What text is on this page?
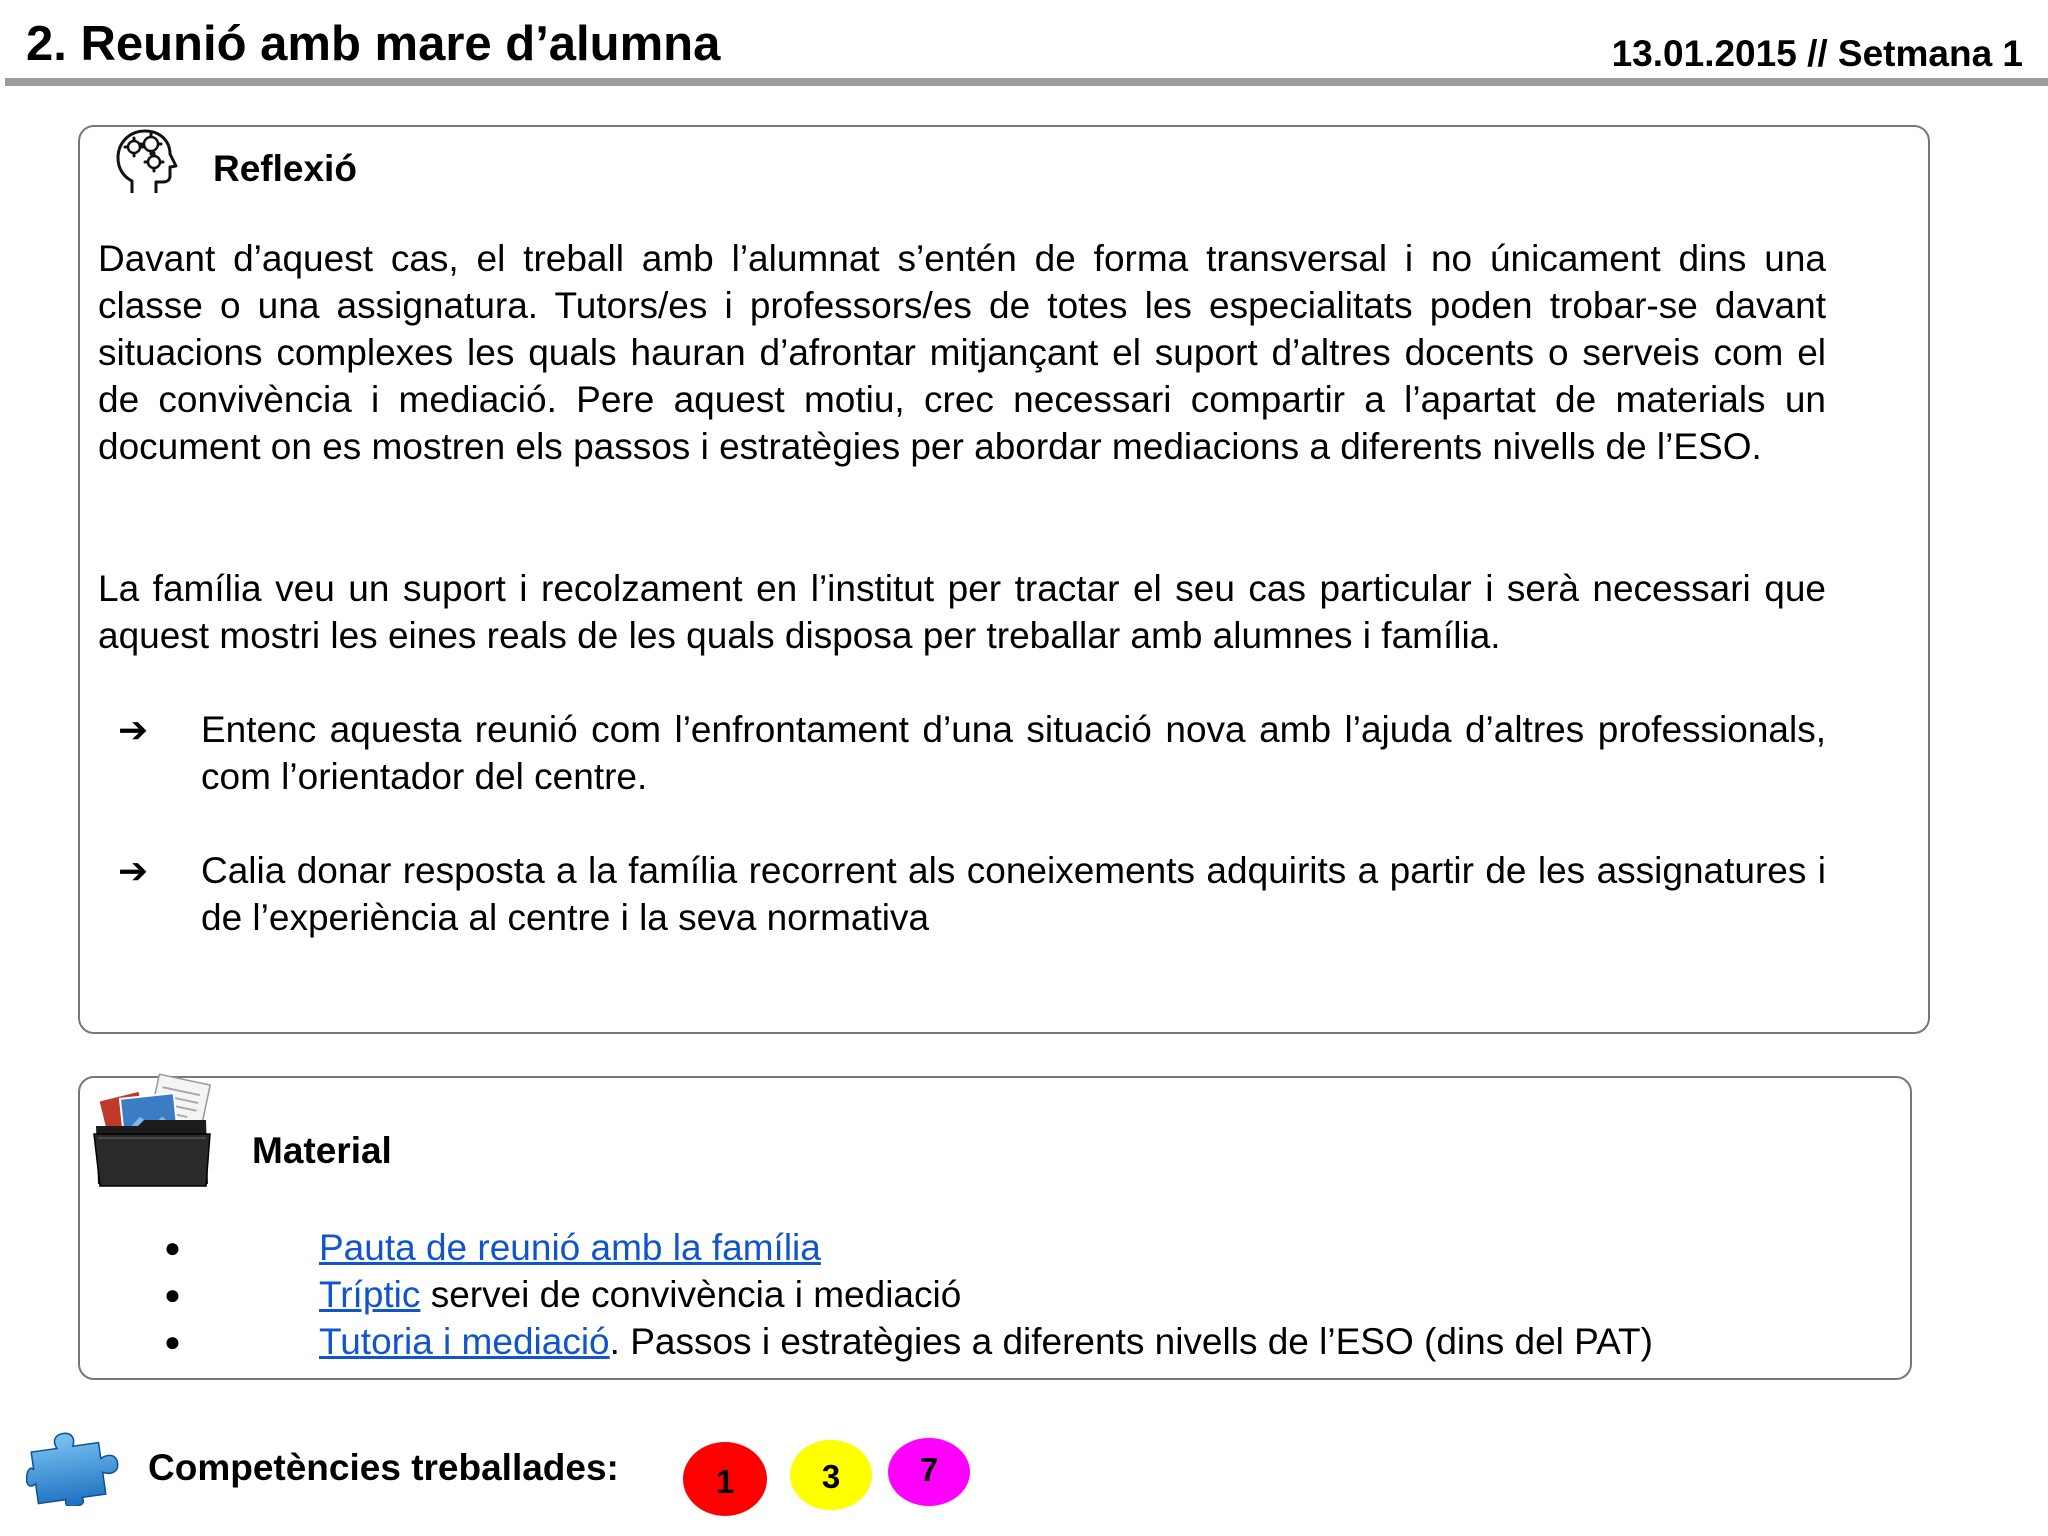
2. Reunió amb mare d’alumna	13.01.2015 // Setmana 1
Reflexió

Davant d’aquest cas, el treball amb l’alumnat s’entén de forma transversal i no únicament dins una classe o una assignatura. Tutors/es i professors/es de totes les especialitats poden trobar-se davant situacions complexes les quals hauran d’afrontar mitjançant el suport d’altres docents o serveis com el de convivència i mediació. Pere aquest motiu, crec necessari compartir a l’apartat de materials un document on es mostren els passos i estratègies per abordar mediacions a diferents nivells de l’ESO.

La família veu un suport i recolzament en l’institut per tractar el seu cas particular i serà necessari que aquest mostri les eines reals de les quals disposa per treballar amb alumnes i família.

➔	Entenc aquesta reunió com l’enfrontament d’una situació nova amb l’ajuda d’altres professionals, com l’orientador del centre.

➔	Calia donar resposta a la família recorrent als coneixements adquirits a partir de les assignatures i de l’experiència al centre i la seva normativa

Material
●	Pauta de reunió amb la família
●	Tríptic servei de convivència i mediació
●	Tutoria i mediació. Passos i estratègies a diferents nivells de l’ESO (dins del PAT)
Competències treballades:	1	3	7
